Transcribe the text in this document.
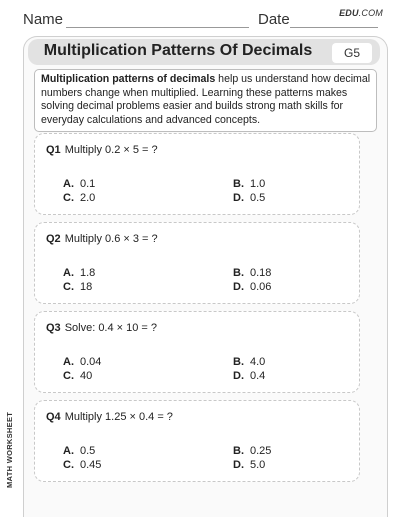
Name	Date	EDU.COM
Multiplication Patterns Of Decimals	G5
Multiplication patterns of decimals help us understand how decimal numbers change when multiplied. Learning these patterns makes solving decimal problems easier and builds strong math skills for everyday calculations and advanced concepts.
Q1 Multiply 0.2 × 5 = ?
A. 0.1	B. 1.0
C. 2.0	D. 0.5
Q2 Multiply 0.6 × 3 = ?
A. 1.8	B. 0.18
C. 18	D. 0.06
Q3 Solve: 0.4 × 10 = ?
A. 0.04	B. 4.0
C. 40	D. 0.4
Q4 Multiply 1.25 × 0.4 = ?
A. 0.5	B. 0.25
C. 0.45	D. 5.0
MATH WORKSHEET
